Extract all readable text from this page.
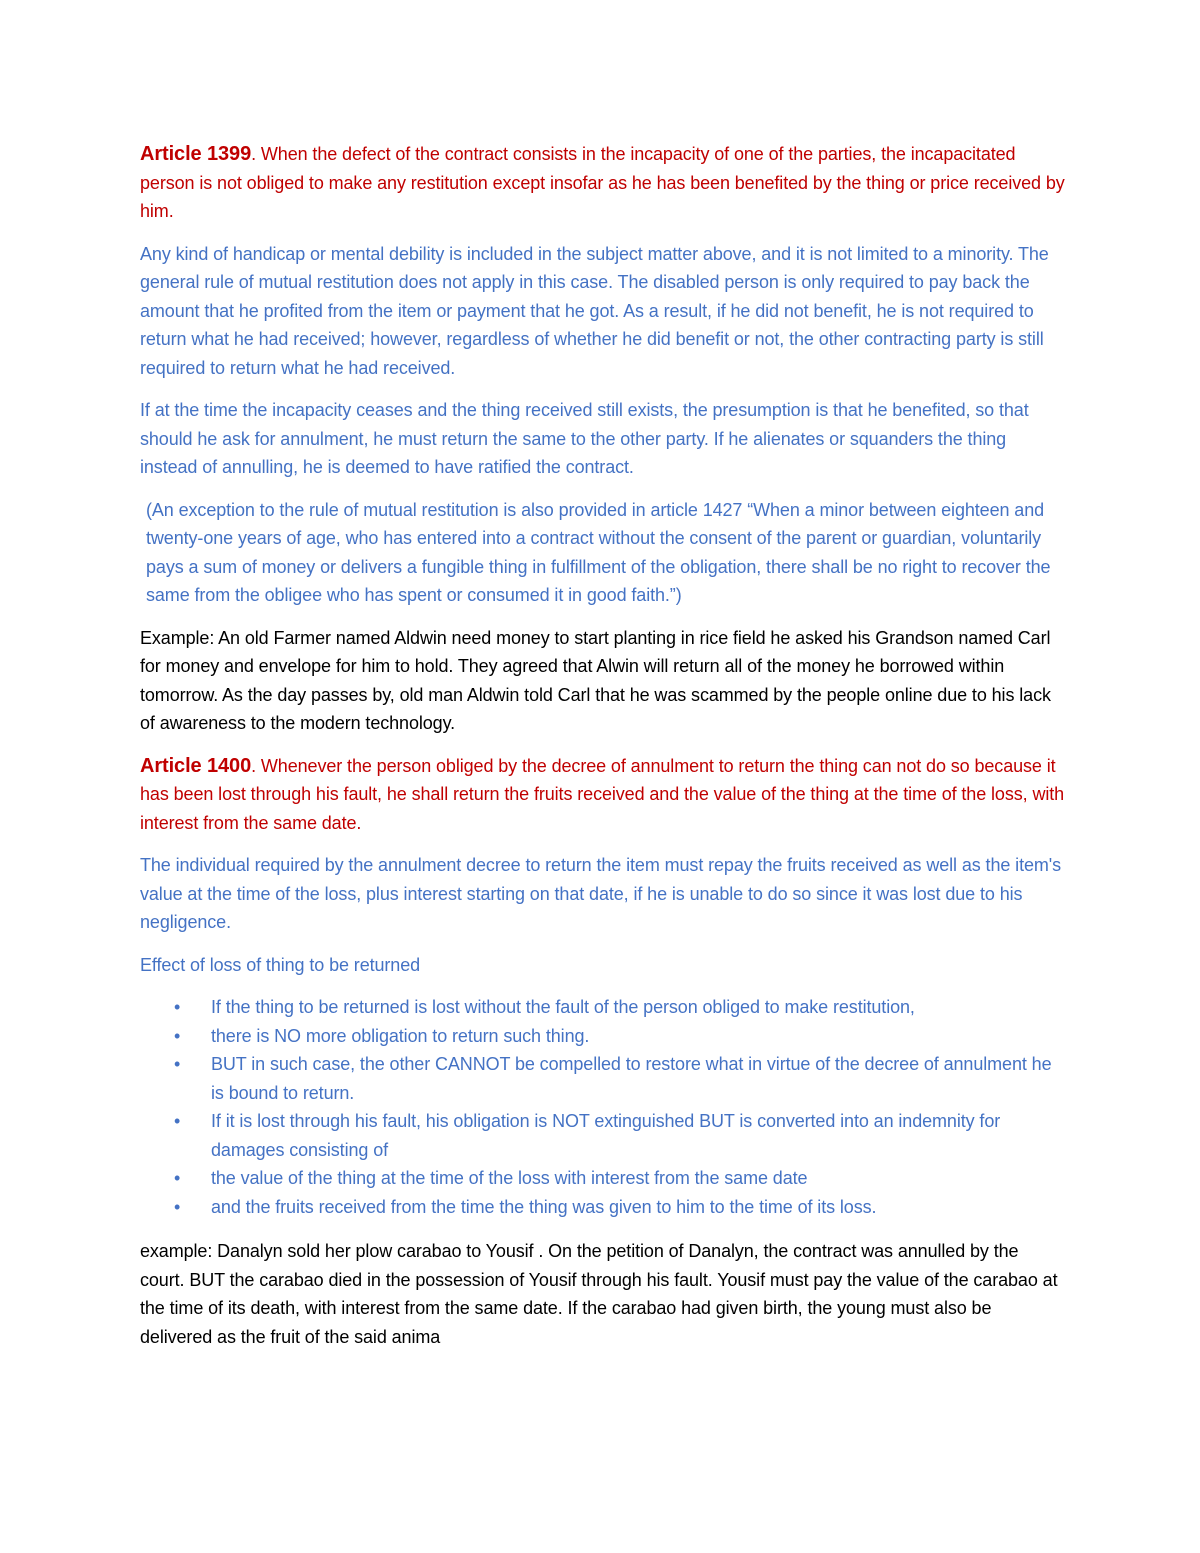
Article 1399. When the defect of the contract consists in the incapacity of one of the parties, the incapacitated person is not obliged to make any restitution except insofar as he has been benefited by the thing or price received by him.

Any kind of handicap or mental debility is included in the subject matter above, and it is not limited to a minority. The general rule of mutual restitution does not apply in this case. The disabled person is only required to pay back the amount that he profited from the item or payment that he got. As a result, if he did not benefit, he is not required to return what he had received; however, regardless of whether he did benefit or not, the other contracting party is still required to return what he had received.

If at the time the incapacity ceases and the thing received still exists, the presumption is that he benefited, so that should he ask for annulment, he must return the same to the other party. If he alienates or squanders the thing instead of annulling, he is deemed to have ratified the contract.

(An exception to the rule of mutual restitution is also provided in article 1427 “When a minor between eighteen and twenty-one years of age, who has entered into a contract without the consent of the parent or guardian, voluntarily pays a sum of money or delivers a fungible thing in fulfillment of the obligation, there shall be no right to recover the same from the obligee who has spent or consumed it in good faith.”)

Example: An old Farmer named Aldwin need money to start planting in rice field he asked his Grandson named Carl for money and envelope for him to hold. They agreed that Alwin will return all of the money he borrowed within tomorrow. As the day passes by, old man Aldwin told Carl that he was scammed by the people online due to his lack of awareness to the modern technology.

Article 1400. Whenever the person obliged by the decree of annulment to return the thing can not do so because it has been lost through his fault, he shall return the fruits received and the value of the thing at the time of the loss, with interest from the same date.

The individual required by the annulment decree to return the item must repay the fruits received as well as the item's value at the time of the loss, plus interest starting on that date, if he is unable to do so since it was lost due to his negligence.

Effect of loss of thing to be returned

• If the thing to be returned is lost without the fault of the person obliged to make restitution,
• there is NO more obligation to return such thing.
• BUT in such case, the other CANNOT be compelled to restore what in virtue of the decree of annulment he is bound to return.
• If it is lost through his fault, his obligation is NOT extinguished BUT is converted into an indemnity for damages consisting of
• the value of the thing at the time of the loss with interest from the same date
• and the fruits received from the time the thing was given to him to the time of its loss.

example: Danalyn sold her plow carabao to Yousif . On the petition of Danalyn, the contract was annulled by the court. BUT the carabao died in the possession of Yousif through his fault. Yousif must pay the value of the carabao at the time of its death, with interest from the same date. If the carabao had given birth, the young must also be delivered as the fruit of the said anima
